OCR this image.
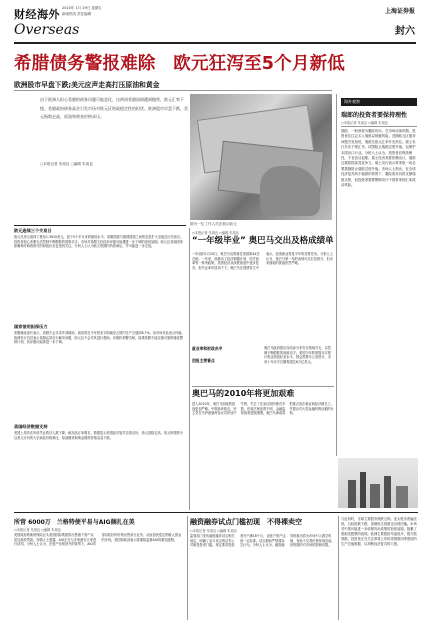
财经海外 2010年 1月 29日 星期五
新闻热线 责任编辑
Overseas
上海证券报
封六
希腊债务警报难除　欧元狂泻至5个月新低
欧洲股市早盘下跌;美元应声走高打压原油和黄金
由于欧洲人担心希腊的债务问题可能恶化，这两周希腊国债遭到抛售，欧元汇率下挫。希腊政府债务高企引发市场对欧元区财政稳定性的担忧。欧洲股市早盘下跌，美元指数走高，原油和黄金价格承压。
○本报记者 朱周良 ○编辑 朱周良
图为一位工作人员在展示欧元
海外观察
瑞郎的投资者要保持理性
○本报记者 朱周良 ○编辑 朱周良
瑞郎，一般被视为避险货币。在市场动荡时期，投资者往往会买入瑞郎以规避风险。近期欧元区债务问题引发担忧，瑞郎兑欧元汇率升至高位。瑞士央行多次干预汇市，试图阻止瑞郎过度升值，以保护本国出口行业。分析人士认为，投资者应保持理性，不宜盲目追涨。瑞士经济高度依赖出口，瑞郎过强将损害其竞争力。瑞士央行表示将采取一切必要措施防止瑞郎过度升值。市场人士指出，在全球经济复苏尚不稳固的背景下，避险需求仍将支撑瑞郎走势，但投资者需要警惕央行干预带来的汇率波动风险。
欧元连续三个交易日
欧元兑美元周四下挫至1.3910美元，创下5个多月来的最低水平。希腊国债与德国国债之间的息差扩大至接近历史高位。投资者担心希腊无法控制不断膨胀的预算赤字。市场对希腊主权信用评级可能遭进一步下调的担忧加剧。欧元区其他国家如葡萄牙和西班牙的财政状况也受到关注。分析人士认为欧元短期内仍将承压，并可能进一步走低。
国家信用担保压力
希腊财政部长表示，希腊不会寻求外部援助，政府将在今年把赤字削减至占国内生产总值的8.7%。但市场对此表示怀疑。欧洲央行官员表示希腊必须自行解决问题，欧元区不会对其进行救助。评级机构警告称，如果希腊不能实施可靠的财政整顿计划，其评级可能被进一步下调。
美国经济数据支持
美国上周首次申请失业救济人数下降，耐用品订单增长，数据显示美国经济复苏态势良好，美元指数走高。美元的强势令以美元计价的大宗商品价格承压，原油期货和黄金期货价格双双下跌。
○本报记者 朱周良 ○编辑 朱周良
“一年级毕业” 奥巴马交出及格成绩单
一年前的1月20日，奥巴马宣誓就任美国第44任总统。一年来，他推动了经济刺激计划、医疗改革等一系列政策。美国经济从深度衰退中逐步复苏，但失业率仍居高不下。奥巴马在国情咨文中表示，创造就业将是今年的首要任务。分析人士认为，奥巴马第一年的表现可以打及格分，但未来面临的挑战依然严峻。
就业率和财政赤字
回报主要看点
奥巴马政府提出冻结部分非安全领域开支，以控制不断膨胀的财政赤字。美国今年的预算赤字预计将达到创纪录水平。国会预算办公室预计，未来十年赤字总额将超过6万亿美元。
奥巴马的2010年将更加艰难
进入2010年，奥巴马面临的挑战更加严峻。中期选举临近，民主党在马萨诸塞州参议员补选中失利，失去了在参议院的绝对多数。医改法案前景不明，金融监管改革进展缓慢。奥巴马承诺将把重点放在就业和经济增长上，并提出对大型金融机构征税的计划。
所营 6000万　兰格特便平易与AIG捆扎在美
○本报记者 朱周良 ○编辑 朱周良
美国政府救助的保险巨头美国国际集团将出售旗下资产以偿还政府贷款。知情人士透露，AIG正在与多家潜在买家进行谈判。分析人士认为，在资产价格回升的背景下，AIG有望以较好的价格出售部分业务，从而加快偿还纳税人资金的步伐。美国财政部表示将继续监督AIG的重组进程。
融资融券试点门槛初现　不得裸卖空
○本报记者 朱周良 ○编辑 朱周良
监管部门发布融资融券试点相关规定，明确了参与试点的证券公司和投资者门槛。规定要求投资者开户满18个月，且账户资产达到一定标准。试点期间严禁裸卖空行为。分析人士认为，融资融券的推出将为市场引入做空机制，有助于完善价格发现功能，但短期内对市场的影响有限。
与此同时，全球主要股市涨跌互现。亚太股市普遍走低，日经指数下跌，香港恒生指数也出现回落。市场对中国可能进一步收紧货币政策的担忧加剧，拖累了资源类股票的表现。欧洲主要股指早盘低开，银行股领跌。投资者正在关注即将公布的美国第四季度国内生产总值数据，以判断经济复苏的力度。
